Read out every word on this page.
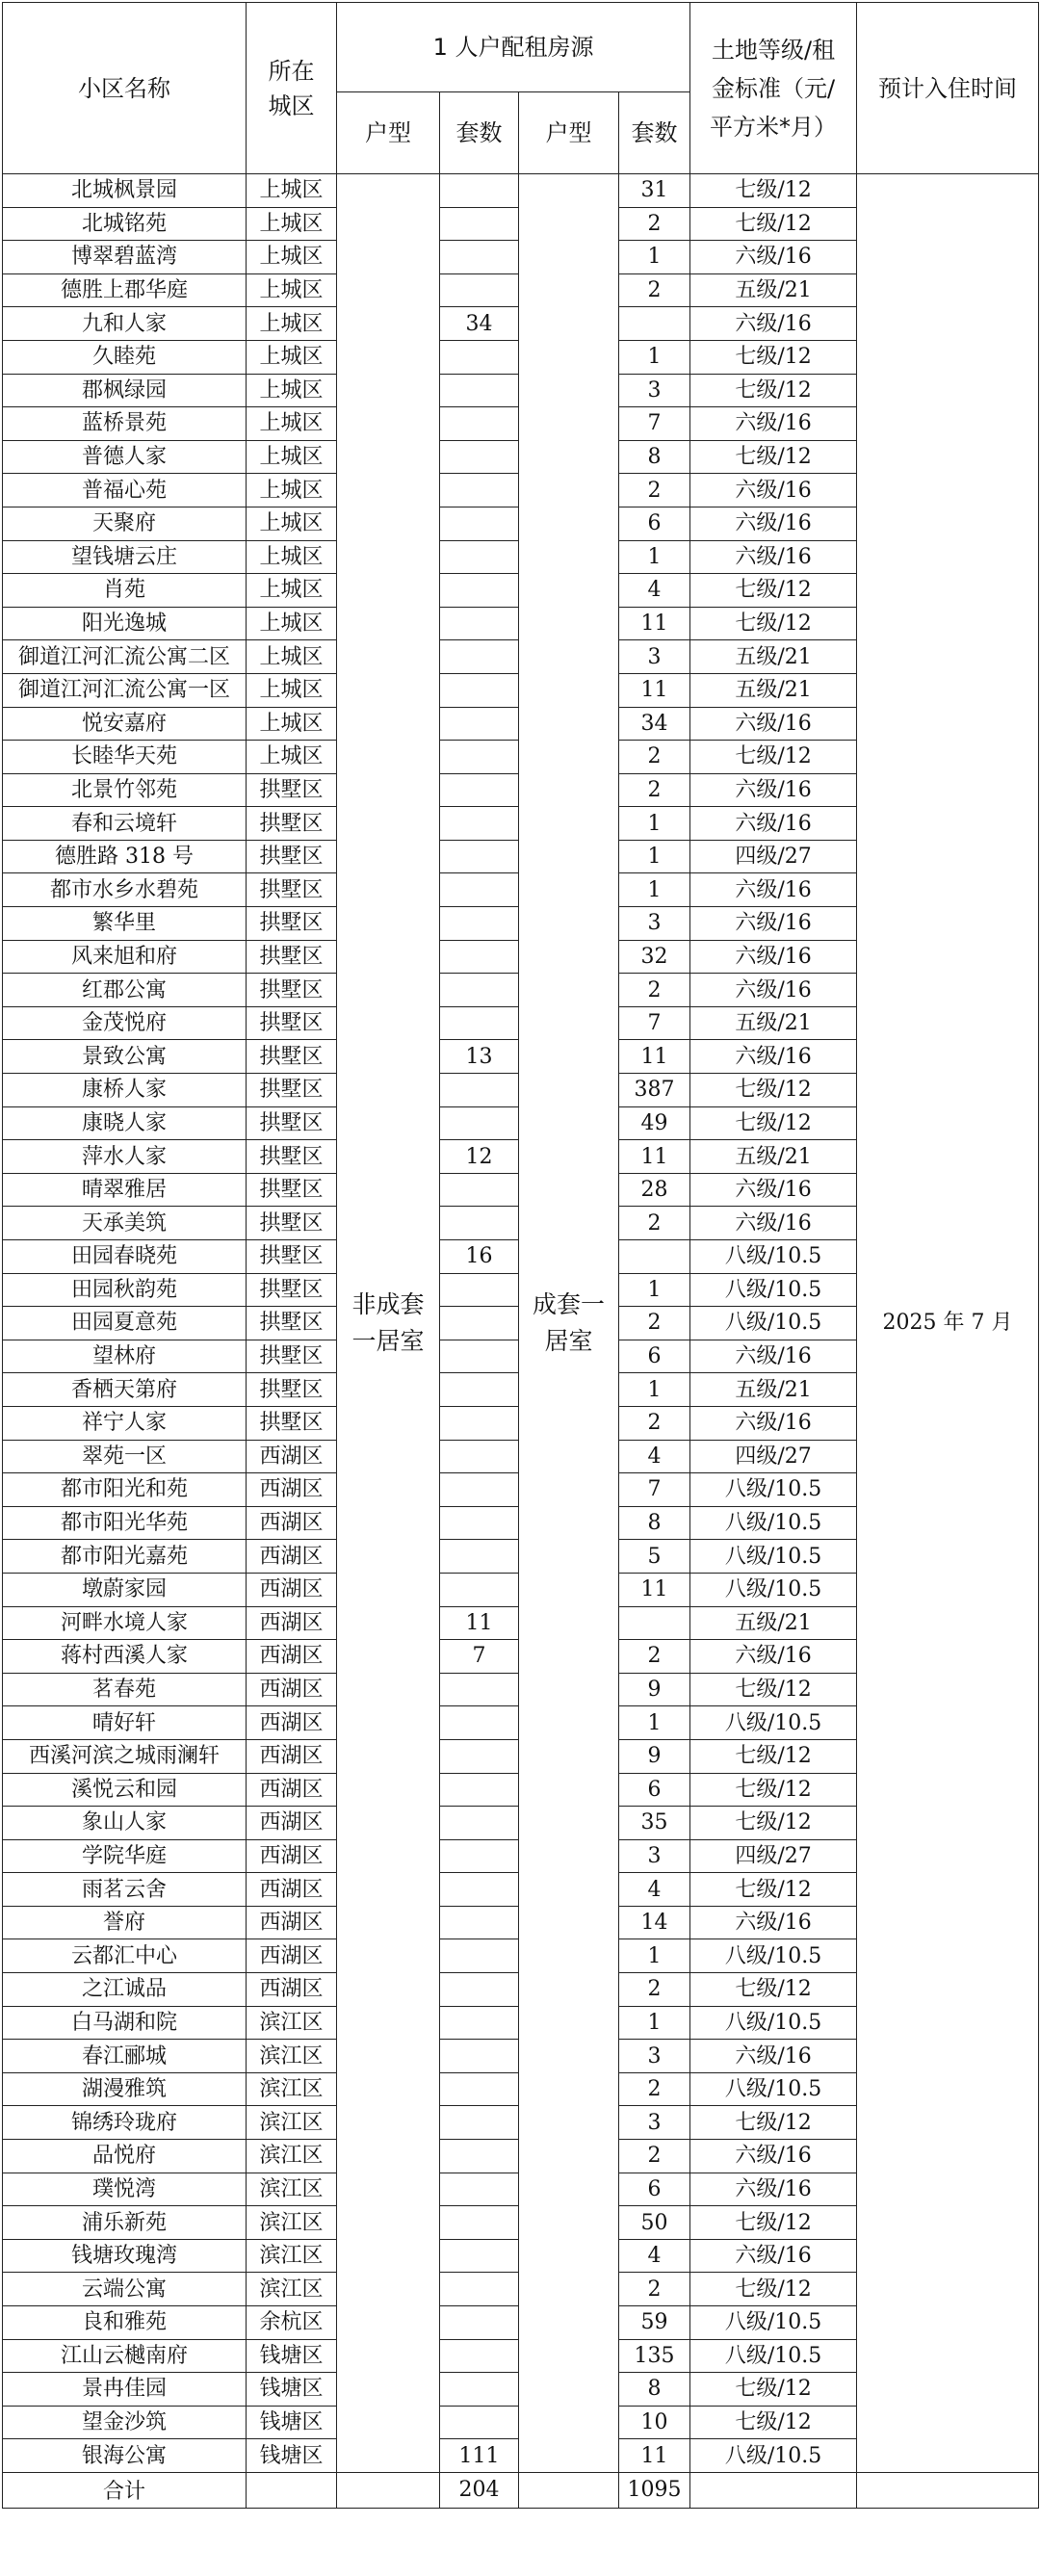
小区名称	所在城区	1 人户配租房源				土地等级/租金标准（元/平方米*月）	预计入住时间
		户型	套数	户型	套数		
北城枫景园	上城区	非成套一居室		成套一居室	31	七级/12	2025 年 7 月
北城铭苑	上城区				2	七级/12	
博翠碧蓝湾	上城区				1	六级/16	
德胜上郡华庭	上城区				2	五级/21	
九和人家	上城区		34			六级/16	
久睦苑	上城区				1	七级/12	
郡枫绿园	上城区				3	七级/12	
蓝桥景苑	上城区				7	六级/16	
普德人家	上城区				8	七级/12	
普福心苑	上城区				2	六级/16	
天聚府	上城区				6	六级/16	
望钱塘云庄	上城区				1	六级/16	
肖苑	上城区				4	七级/12	
阳光逸城	上城区				11	七级/12	
御道江河汇流公寓二区	上城区				3	五级/21	
御道江河汇流公寓一区	上城区				11	五级/21	
悦安嘉府	上城区				34	六级/16	
长睦华天苑	上城区				2	七级/12	
北景竹邻苑	拱墅区				2	六级/16	
春和云境轩	拱墅区				1	六级/16	
德胜路 318 号	拱墅区				1	四级/27	
都市水乡水碧苑	拱墅区				1	六级/16	
繁华里	拱墅区				3	六级/16	
风来旭和府	拱墅区				32	六级/16	
红郡公寓	拱墅区				2	六级/16	
金茂悦府	拱墅区				7	五级/21	
景致公寓	拱墅区		13		11	六级/16	
康桥人家	拱墅区				387	七级/12	
康晓人家	拱墅区				49	七级/12	
萍水人家	拱墅区		12		11	五级/21	
晴翠雅居	拱墅区				28	六级/16	
天承美筑	拱墅区				2	六级/16	
田园春晓苑	拱墅区		16			八级/10.5	
田园秋韵苑	拱墅区				1	八级/10.5	
田园夏意苑	拱墅区				2	八级/10.5	
望林府	拱墅区				6	六级/16	
香栖天第府	拱墅区				1	五级/21	
祥宁人家	拱墅区				2	六级/16	
翠苑一区	西湖区				4	四级/27	
都市阳光和苑	西湖区				7	八级/10.5	
都市阳光华苑	西湖区				8	八级/10.5	
都市阳光嘉苑	西湖区				5	八级/10.5	
墩蔚家园	西湖区				11	八级/10.5	
河畔水境人家	西湖区		11			五级/21	
蒋村西溪人家	西湖区		7		2	六级/16	
茗春苑	西湖区				9	七级/12	
晴好轩	西湖区				1	八级/10.5	
西溪河滨之城雨澜轩	西湖区				9	七级/12	
溪悦云和园	西湖区				6	七级/12	
象山人家	西湖区				35	七级/12	
学院华庭	西湖区				3	四级/27	
雨茗云舍	西湖区				4	七级/12	
誉府	西湖区				14	六级/16	
云都汇中心	西湖区				1	八级/10.5	
之江诚品	西湖区				2	七级/12	
白马湖和院	滨江区				1	八级/10.5	
春江郦城	滨江区				3	六级/16	
湖漫雅筑	滨江区				2	八级/10.5	
锦绣玲珑府	滨江区				3	七级/12	
品悦府	滨江区				2	六级/16	
璞悦湾	滨江区				6	六级/16	
浦乐新苑	滨江区				50	七级/12	
钱塘玫瑰湾	滨江区				4	六级/16	
云端公寓	滨江区				2	七级/12	
良和雅苑	余杭区				59	八级/10.5	
江山云樾南府	钱塘区				135	八级/10.5	
景冉佳园	钱塘区				8	七级/12	
望金沙筑	钱塘区				10	七级/12	
银海公寓	钱塘区		111		11	八级/10.5	
合计			204		1095		
